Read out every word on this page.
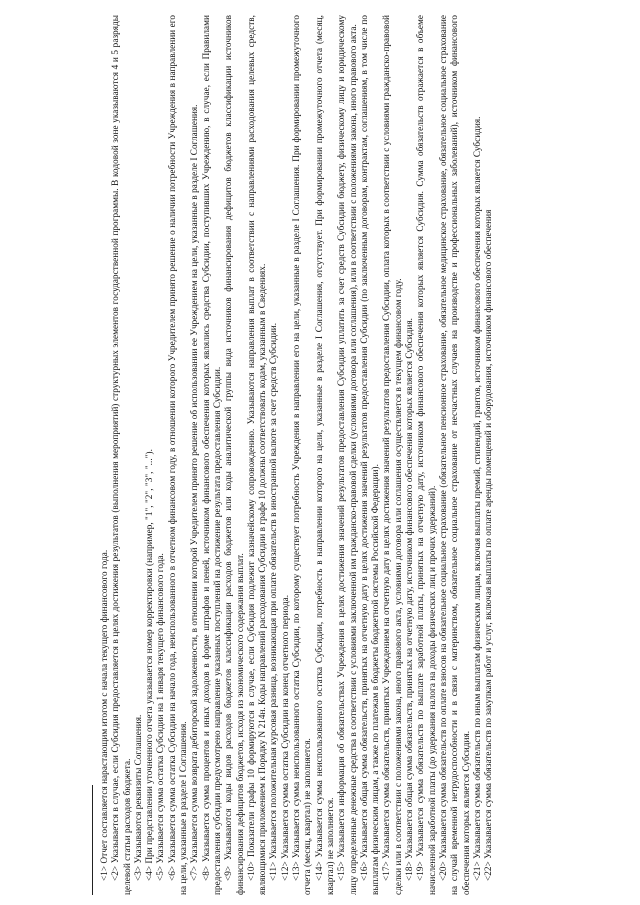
<1> Отчет составляется нарастающим итогом с начала текущего финансового года. <2> Указывается в случае, если Субсидия предоставляется в целях достижения результатов (выполнения мероприятий) структурных элементов государственной программы. В кодовой зоне указываются 4 и 5 разряды целевой статьи расходов бюджета. <3> Указываются реквизиты Соглашения. <4> При представлении уточненного отчета указывается номер корректировки (например, "1", "2", "3", "..."). <5> Указывается сумма остатка Субсидии на 1 января текущего финансового года. <6> Указывается сумма остатка Субсидии на начало года, неиспользованного в отчетном финансовом году, в отношении которого Учредителем принято решение о наличии потребности Учреждения в направлении его на цели, указанные в разделе I Соглашения. <7> Указывается сумма возврата дебиторской задолженности, в отношении которой Учредителем принято решение об использовании ее Учреждением на цели, указанные в разделе I Соглашения. <8> Указывается сумма процентов и иных доходов в форме штрафов и пеней, источником финансового обеспечения которых являлись средства Субсидии, поступивших Учреждению, в случае, если Правилами предоставления субсидии предусмотрено направление указанных поступлений на достижение результата предоставления Субсидии. <9> Указываются коды видов расходов бюджетов классификации расходов бюджетов или коды аналитической группы вида источников финансирования дефицитов бюджетов классификации источников финансирования дефицитов бюджетов, исходя из экономического содержания выплат. <10> Показатели графы 10 формируются в случае, если Субсидия подлежит казначейскому сопровождению. Указываются направления выплат в соответствии с направлениями расходования целевых средств, являющимися приложением к Порядку N 214н. Коды направлений расходования Субсидии в графе 10 должны соответствовать кодам, указанным в Сведениях. <11> Указывается положительная курсовая разница, возникающая при оплате обязательств в иностранной валюте за счет средств Субсидии. <12> Указывается сумма остатка Субсидии на конец отчетного периода. <13> Указывается сумма неиспользованного остатка Субсидии, по которому существует потребность Учреждения в направлении его на цели, указанные в разделе I Соглашения. При формировании промежуточного отчета (месяц, квартал) не заполняется. <14> Указывается сумма неиспользованного остатка Субсидии, потребность в направлении которого на цели, указанные в разделе I Соглашения, отсутствует. При формировании промежуточного отчета (месяц, квартал) не заполняется. <15> Указывается информация об обязательствах Учреждения в целях достижения значений результатов предоставления Субсидии уплатить за счет средств Субсидии бюджету, физическому лицу и юридическому лицу определенные денежные средства в соответствии с условиями заключенной им гражданско-правовой сделки (условиями договора или соглашения), или в соответствии с положениями закона, иного правового акта. <16> Указывается общая сумма обязательств, принятых на отчетную дату в целях достижения значений результатов предоставления Субсидии (по заключенным договорам, контрактам, соглашениям, в том числе по выплатам физическим лицам, а также по платежам в бюджеты бюджетной системы Российской Федерации). <17> Указывается сумма обязательств, принятых Учреждением на отчетную дату в целях достижения значений результатов предоставления Субсидии, оплата которых в соответствии с условиями гражданско-правовой сделки или в соответствии с положениями закона, иного правового акта, условиями договора или соглашения осуществляется в текущем финансовом году. <18> Указывается общая сумма обязательств, принятых на отчетную дату, источником финансового обеспечения которых является Субсидия. <19> Указывается сумма обязательств по выплате заработной платы, принятых на отчетную дату, источником финансового обеспечения которых является Субсидия. Сумма обязательств отражается в объеме начисленной заработной платы (до удержания налога на доходы физических лиц и прочих удержаний). <20> Указывается сумма обязательств по оплате взносов на обязательное социальное страхование (обязательное пенсионное страхование, обязательное медицинское страхование, обязательное социальное страхование на случай временной нетрудоспособности и в связи с материнством, обязательное социальное страхование от несчастных случаев на производстве и профессиональных заболеваний), источником финансового обеспечения которых является Субсидия. <21> Указывается сумма обязательств по иным выплатам физическим лицам, включая выплаты премий, стипендий, грантов, источником финансового обеспечения которых является Субсидия. <22> Указывается сумма обязательств по закупкам работ и услуг, включая выплаты по оплате аренды помещений и оборудования, источником финансового обеспечения
